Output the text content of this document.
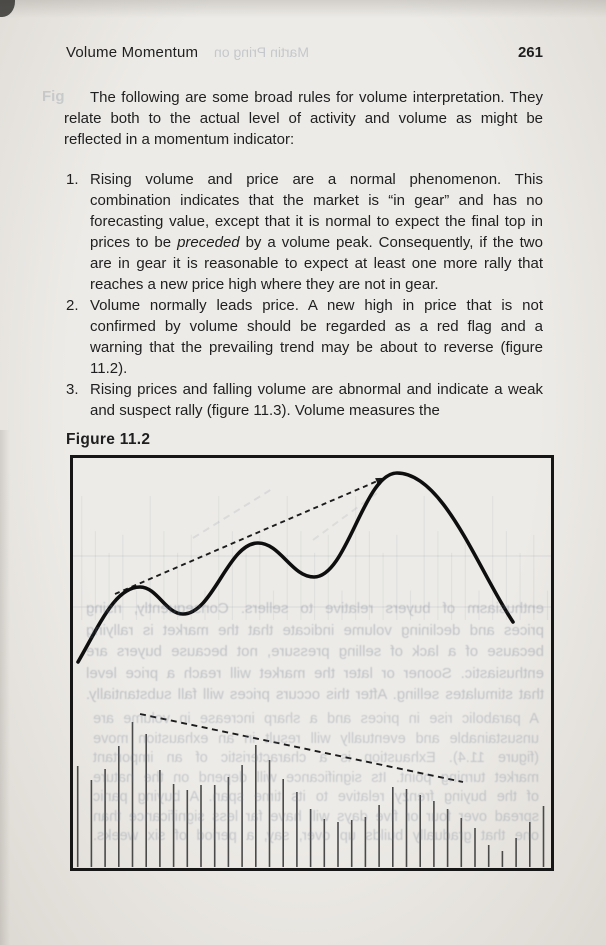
Volume Momentum Martin Pring on	261
Fig	The following are some broad rules for volume interpretation. They relate both to the actual level of activity and volume as might be reflected in a momentum indicator:

1. Rising volume and price are a normal phenomenon. This combination indicates that the market is “in gear” and has no forecasting value, except that it is normal to expect the final top in prices to be preceded by a volume peak. Consequently, if the two are in gear it is reasonable to expect at least one more rally that reaches a new price high where they are not in gear.
2. Volume normally leads price. A new high in price that is not confirmed by volume should be regarded as a red flag and a warning that the prevailing trend may be about to reverse (figure 11.2).
3. Rising prices and falling volume are abnormal and indicate a weak and suspect rally (figure 11.3). Volume measures the
Figure 11.2
enthusiasm of buyers relative to sellers. Consequently, rising
prices and declining volume indicate that the market is rallying
because of a lack of selling pressure, not because buyers are
enthusiastic. Sooner or later the market will reach a price level
that stimulates selling. After this occurs prices will fall substantially.
A parabolic rise in prices and a sharp increase in volume are
unsustainable and eventually will result in an exhaustion move
(figure 11.4). Exhaustion is a characteristic of an important
market turning point. Its significance will depend on the nature
of the buying frenzy relative to its time span. A buying panic
spread over four or five days will have far less significance than
one that gradually builds up over, say, a period of six weeks.
